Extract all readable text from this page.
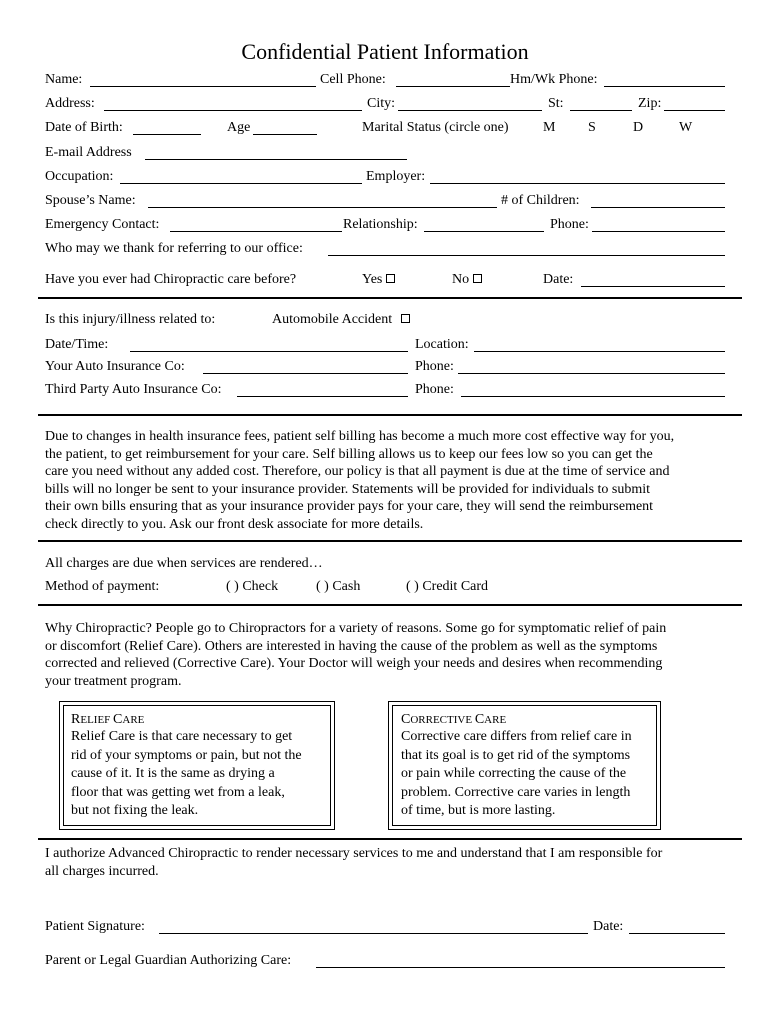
Confidential Patient Information
Name:	Cell Phone:	Hm/Wk Phone:
Address:	City:	St:	Zip:
Date of Birth:	Age	Marital Status (circle one) M S	D	W
E-mail Address
Occupation:	Employer:
Spouse’s Name:	# of Children:
Emergency Contact:	Relationship:	Phone:
Who may we thank for referring to our office:
Have you ever had Chiropractic care before?	Yes	No	Date:
Is this injury/illness related to:	Automobile Accident
Date/Time:	Location:
Your Auto Insurance Co:	Phone:
Third Party Auto Insurance Co:	Phone:
Due to changes in health insurance fees, patient self billing has become a much more cost effective way for you,
the patient, to get reimbursement for your care. Self billing allows us to keep our fees low so you can get the
care you need without any added cost. Therefore, our policy is that all payment is due at the time of service and
bills will no longer be sent to your insurance provider. Statements will be provided for individuals to submit
their own bills ensuring that as your insurance provider pays for your care, they will send the reimbursement
check directly to you. Ask our front desk associate for more details.
All charges are due when services are rendered…
Method of payment:	( ) Check	( ) Cash	( ) Credit Card
Why Chiropractic? People go to Chiropractors for a variety of reasons. Some go for symptomatic relief of pain
or discomfort (Relief Care). Others are interested in having the cause of the problem as well as the symptoms
corrected and relieved (Corrective Care). Your Doctor will weigh your needs and desires when recommending
your treatment program.
RELIEF CARE
Relief Care is that care necessary to get
rid of your symptoms or pain, but not the
cause of it. It is the same as drying a
floor that was getting wet from a leak,
but not fixing the leak.
CORRECTIVE CARE
Corrective care differs from relief care in
that its goal is to get rid of the symptoms
or pain while correcting the cause of the
problem. Corrective care varies in length
of time, but is more lasting.
I authorize Advanced Chiropractic to render necessary services to me and understand that I am responsible for
all charges incurred.
Patient Signature:	Date:
Parent or Legal Guardian Authorizing Care:
